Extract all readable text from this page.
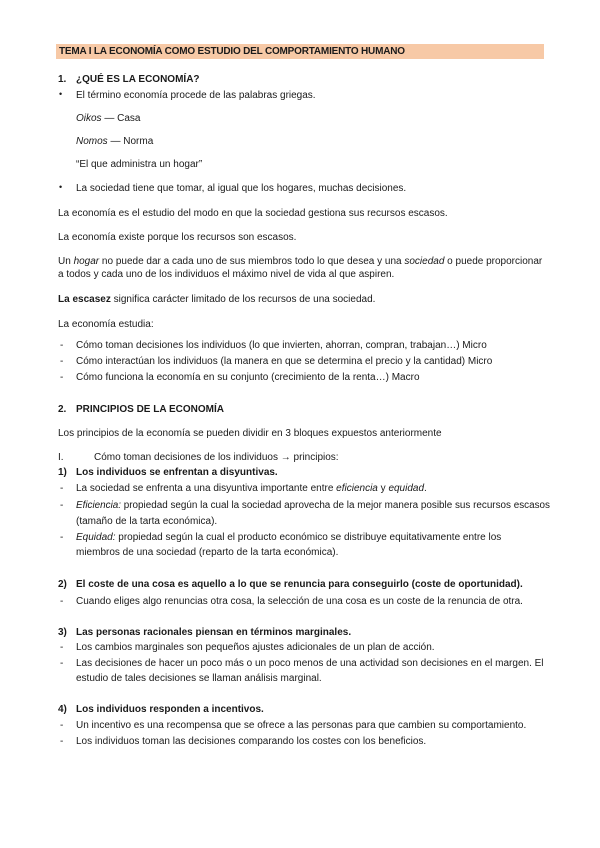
TEMA I LA ECONOMÍA COMO ESTUDIO DEL COMPORTAMIENTO HUMANO
1. ¿QUÉ ES LA ECONOMÍA?
• El término economía procede de las palabras griegas.
Oikos — Casa
Nomos — Norma
“El que administra un hogar”
• La sociedad tiene que tomar, al igual que los hogares, muchas decisiones.
La economía es el estudio del modo en que la sociedad gestiona sus recursos escasos.
La economía existe porque los recursos son escasos.
Un hogar no puede dar a cada uno de sus miembros todo lo que desea y una sociedad o puede proporcionar
a todos y cada uno de los individuos el máximo nivel de vida al que aspiren.
La escasez significa carácter limitado de los recursos de una sociedad.
La economía estudia:
- Cómo toman decisiones los individuos (lo que invierten, ahorran, compran, trabajan…) Micro
- Cómo interactúan los individuos (la manera en que se determina el precio y la cantidad) Micro
- Cómo funciona la economía en su conjunto (crecimiento de la renta…) Macro
2. PRINCIPIOS DE LA ECONOMÍA
Los principios de la economía se pueden dividir en 3 bloques expuestos anteriormente
I.	Cómo toman decisiones de los individuos → principios:
1) Los individuos se enfrentan a disyuntivas.
- La sociedad se enfrenta a una disyuntiva importante entre eficiencia y equidad.
- Eficiencia: propiedad según la cual la sociedad aprovecha de la mejor manera posible sus recursos escasos
(tamaño de la tarta económica).
- Equidad: propiedad según la cual el producto económico se distribuye equitativamente entre los
miembros de una sociedad (reparto de la tarta económica).
2) El coste de una cosa es aquello a lo que se renuncia para conseguirlo (coste de oportunidad).
- Cuando eliges algo renuncias otra cosa, la selección de una cosa es un coste de la renuncia de otra.
3) Las personas racionales piensan en términos marginales.
- Los cambios marginales son pequeños ajustes adicionales de un plan de acción.
- Las decisiones de hacer un poco más o un poco menos de una actividad son decisiones en el margen. El
estudio de tales decisiones se llaman análisis marginal.
4) Los individuos responden a incentivos.
- Un incentivo es una recompensa que se ofrece a las personas para que cambien su comportamiento.
- Los individuos toman las decisiones comparando los costes con los beneficios.
